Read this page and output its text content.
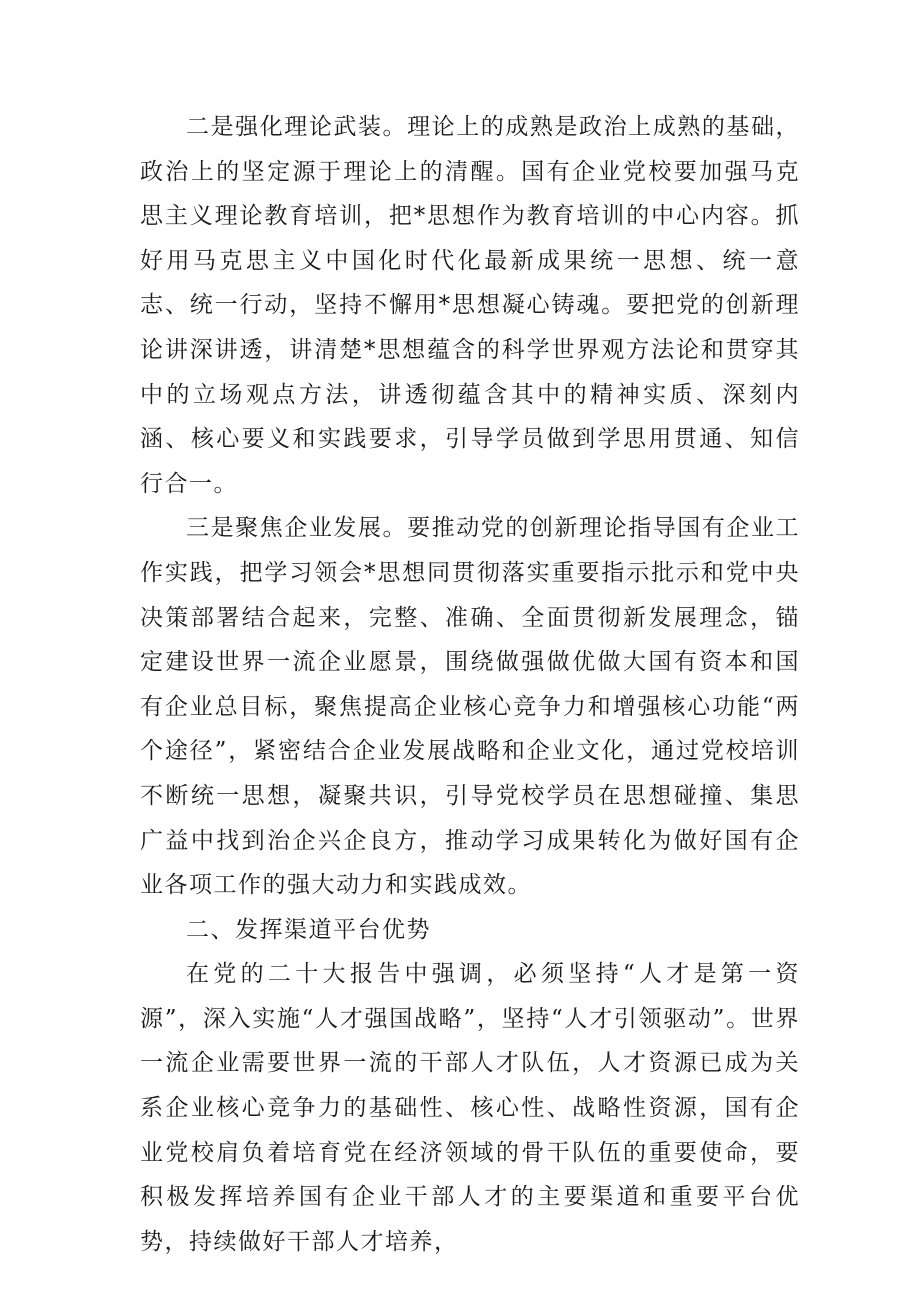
二是强化理论武装。理论上的成熟是政治上成熟的基础，政治上的坚定源于理论上的清醒。国有企业党校要加强马克思主义理论教育培训，把*思想作为教育培训的中心内容。抓好用马克思主义中国化时代化最新成果统一思想、统一意志、统一行动，坚持不懈用*思想凝心铸魂。要把党的创新理论讲深讲透，讲清楚*思想蕴含的科学世界观方法论和贯穿其中的立场观点方法，讲透彻蕴含其中的精神实质、深刻内涵、核心要义和实践要求，引导学员做到学思用贯通、知信行合一。

三是聚焦企业发展。要推动党的创新理论指导国有企业工作实践，把学习领会*思想同贯彻落实重要指示批示和党中央决策部署结合起来，完整、准确、全面贯彻新发展理念，锚定建设世界一流企业愿景，围绕做强做优做大国有资本和国有企业总目标，聚焦提高企业核心竞争力和增强核心功能“两个途径”，紧密结合企业发展战略和企业文化，通过党校培训不断统一思想，凝聚共识，引导党校学员在思想碰撞、集思广益中找到治企兴企良方，推动学习成果转化为做好国有企业各项工作的强大动力和实践成效。

二、发挥渠道平台优势

在党的二十大报告中强调，必须坚持“人才是第一资源”，深入实施“人才强国战略”，坚持“人才引领驱动”。世界一流企业需要世界一流的干部人才队伍，人才资源已成为关系企业核心竞争力的基础性、核心性、战略性资源，国有企业党校肩负着培育党在经济领域的骨干队伍的重要使命，要积极发挥培养国有企业干部人才的主要渠道和重要平台优势，持续做好干部人才培养，
